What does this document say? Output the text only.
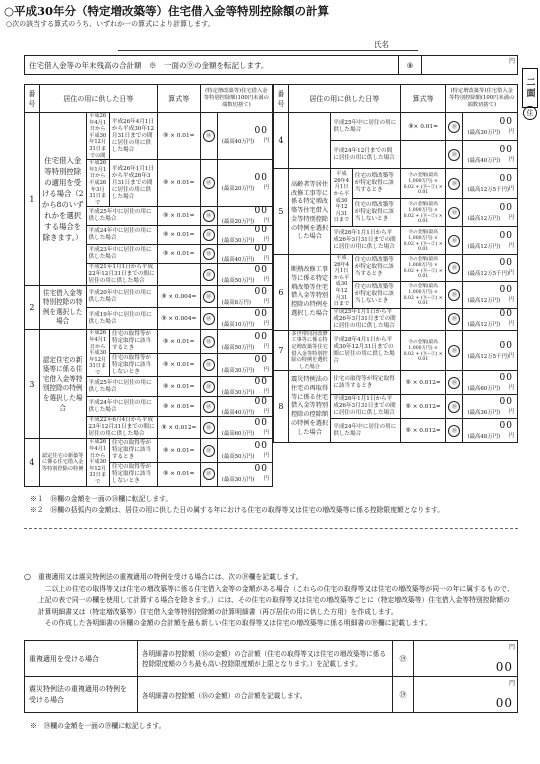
○平成30年分（特定増改築等）住宅借入金等特別控除額の計算
○次の該当する算式のうち、いずれか一の算式により計算します。
氏名
二面
住
住宅借入金等の年末残高の合計額　※　一面の⑨の金額を転記します。	⑨	円
番号	居住の用に供した日等			算式等	(特定増改築等)住宅借入金等特別控除額(100円未満の端数切捨て)	
1	住宅借入金等特別控除の適用を受ける場合（2から8のいずれかを選択する場合を除きます。）	平成26年4月1日から平成30年12月31日までの間	平成26年4月1日から平成30年12月31日までの間に居住の用に供した場合	⑨ × 0.01=	⑱	(最高40万円) 円
00

		平成26年1月1日から平成26年3月31日まで	平成26年1月1日から平成26年3月31日までの間に居住の用に供した場合	⑨ × 0.01=	⑱	(最高20万円) 円
00

		平成25年中に居住の用に供した場合		⑨ × 0.01=	⑱	(最高20万円) 円
00

		平成24年中に居住の用に供した場合		⑨ × 0.01=	⑱	(最高30万円) 円
00

		平成23年中に居住の用に供した場合		⑨ × 0.01=	⑱	(最高40万円) 円
00

		平成21年1月1日から平成22年12月31日までの間に居住の用に供した場合			⑱	(最高50万円) 円
00

2	住宅借入金等特別控除の特例を選択した場合	平成20年中に居住の用に供した場合		⑨ × 0.004=	⑱	(最高8万円) 円
00

		平成19年中に居住の用に供した場合		⑨ × 0.004=	⑱	(最高10万円) 円
00

3	認定住宅の新築等に係る住宅借入金等特別控除の特例を選択した場合	平成26年4月1日から平成30年12月31日まで	住宅の取得等が特定取得に該当するとき	⑨ × 0.01=	⑱	(最高50万円) 円
00

			住宅の取得等が特定取得に該当しないとき	⑨ × 0.01=	⑱	(最高30万円) 円
00

		平成25年中に居住の用に供した場合		⑨ × 0.01=	⑱	(最高30万円) 円
00

		平成24年中に居住の用に供した場合		⑨ × 0.01=	⑱	(最高40万円) 円
00

		平成22年6月4日から平成23年12月31日までの間に居住の用に供した場合		⑨ × 0.012=	⑱	(最高60万円) 円
00

4	認定住宅の新築等に係る住宅借入金等特別控除の特例	平成26年4月1日から平成30年12月31日まで	住宅の取得等が特定取得に該当するとき	⑨ × 0.01=	⑱	(最高50万円) 円
00

			住宅の取得等が特定取得に該当しないとき	⑨ × 0.01=	⑱	(最高30万円) 円
00
番号	居住の用に供した日等			算式等	(特定増改築等)住宅借入金等特別控除額(100円未満の端数切捨て)	
4		平成25年中に居住の用に供した場合		⑨× 0.01=	⑱	(最高30万円) 円
00

		平成24年12月までの間に居住の用に供した場合			⑱	(最高40万円) 円
00

5	高齢者等居住改修工事等に係る特定増改築等住宅借入金等特別控除の特例を選択した場合	平成26年4月1日から平成30年12月31日まで	住宅の増改築等が特定取得に該当するとき	⑨の金額(最高1,000万円) × 0.02 + (⑨−②) × 0.01	⑱	(最高12万5千円) 円
00

			住宅の増改築等が特定取得に該当しないとき	⑨の金額(最高1,000万円) × 0.02 + (⑨−②) × 0.01	⑱	(最高12万円) 円
00

		平成26年1月1日から平成26年3月31日までの間に居住の用に供した場合		⑨の金額(最高1,000万円) × 0.02 + (⑨−②) × 0.01	⑱	(最高12万円) 円
00

6	断熱改修工事等に係る特定増改築等住宅借入金等特別控除の特例を選択した場合	平成26年4月1日から平成30年12月31日まで	住宅の増改築等が特定取得に該当するとき	⑨の金額(最高1,000万円) × 0.02 + (⑨−②) × 0.01	⑱	(最高12万5千円) 円
00

			住宅の増改築等が特定取得に該当しないとき	⑨の金額(最高1,000万円) × 0.02 + (⑨−②) × 0.01	⑱	(最高12万円) 円
00

		平成25年1月1日から平成26年3月31日までの間に居住の用に供した場合			⑱	(最高12万円) 円
00

7	多世帯同居改修工事等に係る特定増改築等住宅借入金等特別控除の特例を選択した場合	平成28年4月1日から平成30年12月31日までの間に居住の用に供した場合		⑨の金額(最高1,000万円) × 0.02 + (⑨−②) × 0.01	⑱	(最高12万5千円) 円
00

8	震災特例法の住宅の再取得等に係る住宅借入金等特別控除の控除額の特例を選択した場合	住宅の取得等が特定取得に該当するとき		⑨ × 0.012=	⑱	(最高60万円) 円
00

		平成26年1月1日から平成26年3月31日までの間に居住の用に供した場合		⑨ × 0.012=	⑱	(最高36万円) 円
00

		平成24年中に居住の用に供した場合		⑨ × 0.012=	⑱	(最高48万円) 円
00
※１　⑱欄の金額を一面の⑱欄に転記します。
※２　⑱欄の括弧内の金額は、居住の用に供した日の属する年における住宅の取得等又は住宅の増改築等に係る控除限度額となります。
○ 重複適用又は震災特例法の重複適用の特例を受ける場合には、次の⑲欄を記載します。

二以上の住宅の取得等又は住宅の増改築等に係る住宅借入金等の金額がある場合（これらの住宅の取得等又は住宅の増改築等が同一の年に属するもので、上記の表で同一の欄を使用して計算する場合を除きます。）には、その住宅の取得等又は住宅の増改築等ごとに（特定増改築等）住宅借入金等特別控除額の計算明細書又は（特定増改築等）住宅借入金等特別控除額の計算明細書（再び居住の用に供した方用）を作成します。

その作成した各明細書の⑱欄の金額の合計額を最も新しい住宅の取得等又は住宅の増改築等に係る明細書の⑲欄に記載します。

重複適用を受ける場合	各明細書の控除額（⑱の金額）の合計額（住宅の取得等又は住宅の増改築等に係る控除限度額のうち最も高い控除限度額が上限となります。）を記載します。	⑲	円
00

震災特例法の重複適用の特例を受ける場合	各明細書の控除額（⑱の金額）の合計額を記載します。	⑲	円
00
※　⑲欄の金額を一面の⑲欄に転記します。
